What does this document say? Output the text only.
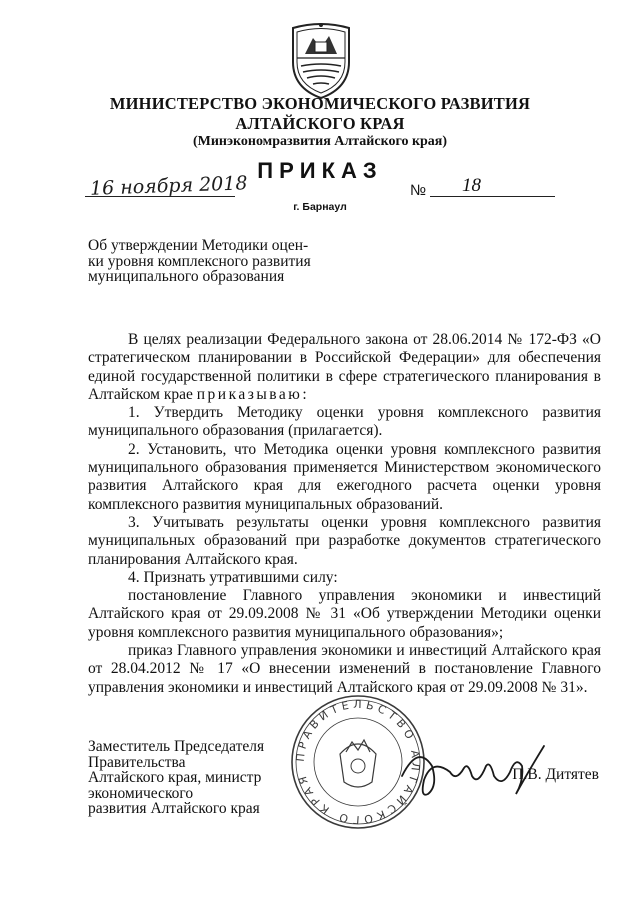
МИНИСТЕРСТВО ЭКОНОМИЧЕСКОГО РАЗВИТИЯ
АЛТАЙСКОГО КРАЯ
(Минэкономразвития Алтайского края)
ПРИКАЗ
16 ноября 2018	№ 18
г. Барнаул
Об утверждении Методики оцен-
ки уровня комплексного развития
муниципального образования

В целях реализации Федерального закона от 28.06.2014 № 172-ФЗ «О стратегическом планировании в Российской Федерации» для обеспечения единой государственной политики в сфере стратегического планирования в Алтайском крае приказываю:

1. Утвердить Методику оценки уровня комплексного развития муниципального образования (прилагается).

2. Установить, что Методика оценки уровня комплексного развития муниципального образования применяется Министерством экономического развития Алтайского края для ежегодного расчета оценки уровня комплексного развития муниципальных образований.

3. Учитывать результаты оценки уровня комплексного развития муниципальных образований при разработке документов стратегического планирования Алтайского края.

4. Признать утратившими силу:

постановление Главного управления экономики и инвестиций Алтайского края от 29.09.2008 № 31 «Об утверждении Методики оценки уровня комплексного развития муниципального образования»;

приказ Главного управления экономики и инвестиций Алтайского края от 28.04.2012 № 17 «О внесении изменений в постановление Главного управления экономики и инвестиций Алтайского края от 29.09.2008 № 31».

ПРАВИТЕЛЬСТВО АЛТАЙСКОГО КРАЯ
Заместитель Председателя Правительства
Алтайского края, министр экономического
развития Алтайского края
П.В. Дитятев
